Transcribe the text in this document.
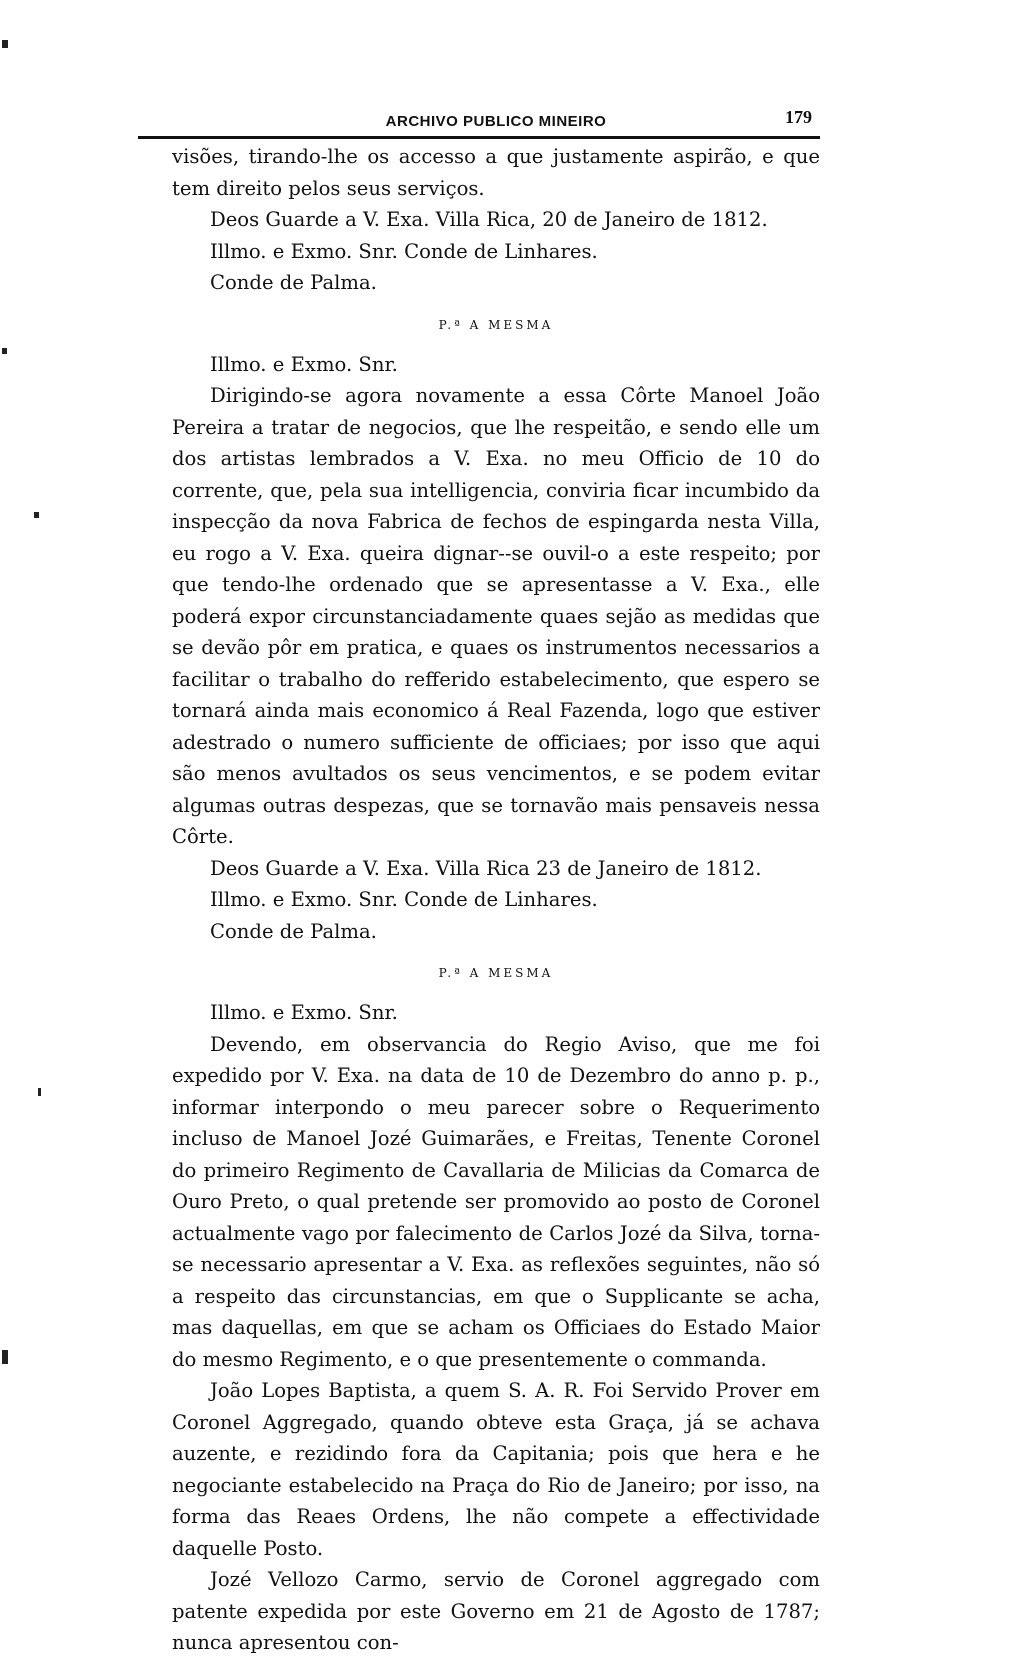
ARCHIVO PUBLICO MINEIRO	179

visões, tirando-lhe os accesso a que justamente aspirão, e que tem direito pelos seus serviços.

Deos Guarde a V. Exa. Villa Rica, 20 de Janeiro de 1812.

Illmo. e Exmo. Snr. Conde de Linhares.

Conde de Palma.

P.ª A MESMA

Illmo. e Exmo. Snr.

Dirigindo-se agora novamente a essa Côrte Manoel João Pereira a tratar de negocios, que lhe respeitão, e sendo elle um dos artistas lembrados a V. Exa. no meu Officio de 10 do corrente, que, pela sua intelligencia, conviria ficar incumbido da inspecção da nova Fabrica de fechos de espingarda nesta Villa, eu rogo a V. Exa. queira dignar--se ouvil-o a este respeito; por que tendo-lhe ordenado que se apresentasse a V. Exa., elle poderá expor circunstanciadamente quaes sejão as medidas que se devão pôr em pratica, e quaes os instrumentos necessarios a facilitar o trabalho do refferido estabelecimento, que espero se tornará ainda mais economico á Real Fazenda, logo que estiver adestrado o numero sufficiente de officiaes; por isso que aqui são menos avultados os seus vencimentos, e se podem evitar algumas outras despezas, que se tornavão mais pensaveis nessa Côrte.

Deos Guarde a V. Exa. Villa Rica 23 de Janeiro de 1812.

Illmo. e Exmo. Snr. Conde de Linhares.

Conde de Palma.

P.ª A MESMA

Illmo. e Exmo. Snr.

Devendo, em observancia do Regio Aviso, que me foi expedido por V. Exa. na data de 10 de Dezembro do anno p. p., informar interpondo o meu parecer sobre o Requerimento incluso de Manoel Jozé Guimarães, e Freitas, Tenente Coronel do primeiro Regimento de Cavallaria de Milicias da Comarca de Ouro Preto, o qual pretende ser promovido ao posto de Coronel actualmente vago por falecimento de Carlos Jozé da Silva, torna-se necessario apresentar a V. Exa. as reflexões seguintes, não só a respeito das circunstancias, em que o Supplicante se acha, mas daquellas, em que se acham os Officiaes do Estado Maior do mesmo Regimento, e o que presentemente o commanda.

João Lopes Baptista, a quem S. A. R. Foi Servido Prover em Coronel Aggregado, quando obteve esta Graça, já se achava auzente, e rezidindo fora da Capitania; pois que hera e he negociante estabelecido na Praça do Rio de Janeiro; por isso, na forma das Reaes Ordens, lhe não compete a effectividade daquelle Posto.

Jozé Vellozo Carmo, servio de Coronel aggregado com patente expedida por este Governo em 21 de Agosto de 1787; nunca apresentou con-
